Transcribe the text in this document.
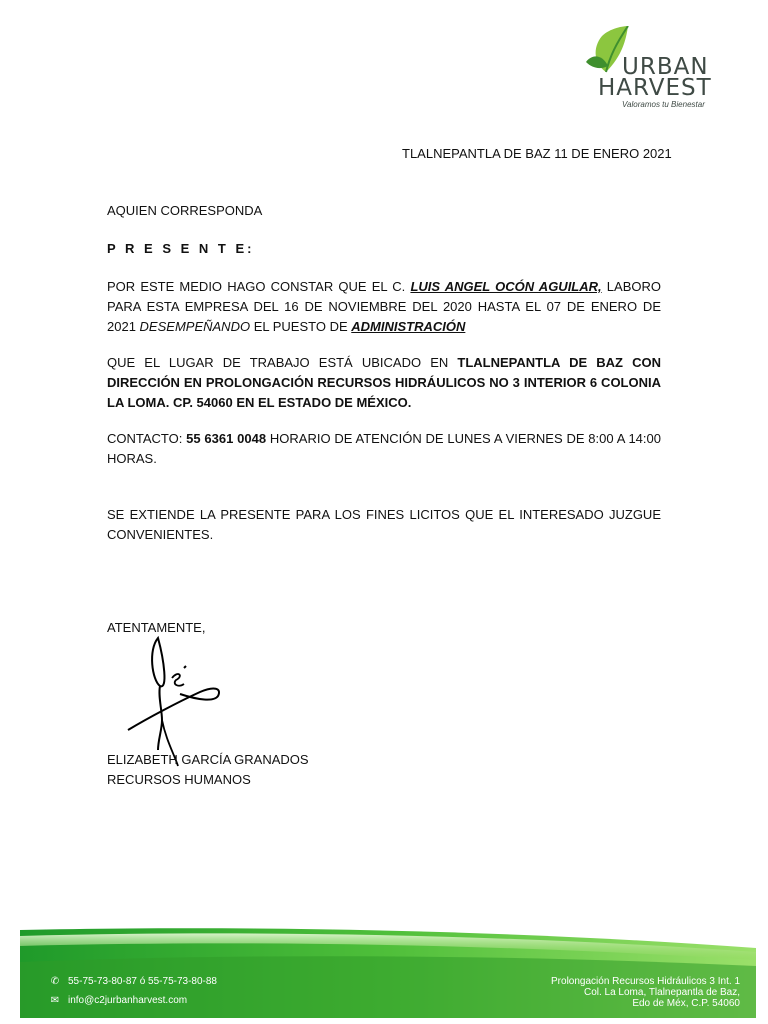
URBAN
HARVEST
Valoramos tu Bienestar
TLALNEPANTLA DE BAZ 11 DE ENERO 2021
AQUIEN CORRESPONDA
P R E S E N T E:
POR ESTE MEDIO HAGO CONSTAR QUE EL C. LUIS ANGEL OCÓN AGUILAR, LABORO PARA ESTA EMPRESA DEL 16 DE NOVIEMBRE DEL 2020 HASTA EL 07 DE ENERO DE 2021 DESEMPEÑANDO EL PUESTO DE ADMINISTRACIÓN
QUE EL LUGAR DE TRABAJO ESTÁ UBICADO EN TLALNEPANTLA DE BAZ CON DIRECCIÓN EN PROLONGACIÓN RECURSOS HIDRÁULICOS NO 3 INTERIOR 6 COLONIA LA LOMA. CP. 54060 EN EL ESTADO DE MÉXICO.
CONTACTO: 55 6361 0048 HORARIO DE ATENCIÓN DE LUNES A VIERNES DE 8:00 A 14:00 HORAS.
SE EXTIENDE LA PRESENTE PARA LOS FINES LICITOS QUE EL INTERESADO JUZGUE CONVENIENTES.
ATENTAMENTE,
ELIZABETH GARCÍA GRANADOS
RECURSOS HUMANOS
✆ 55-75-73-80-87 ó 55-75-73-80-88
✉ info@c2jurbanharvest.com
Prolongación Recursos Hidráulicos 3 Int. 1
Col. La Loma, Tlalnepantla de Baz,
Edo de Méx, C.P. 54060
